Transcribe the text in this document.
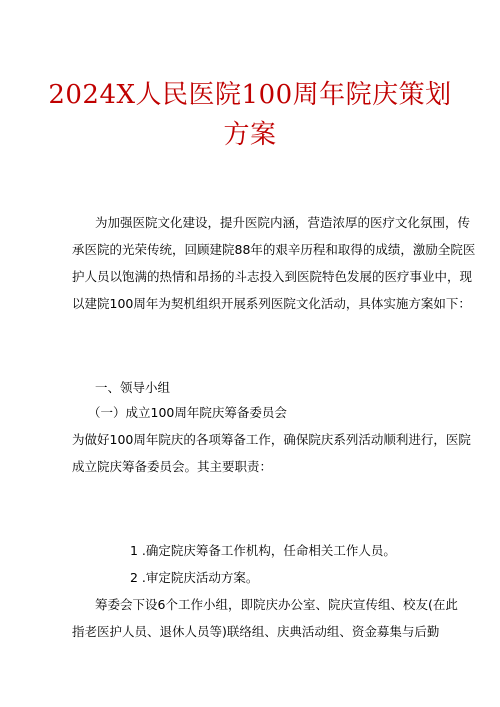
2024X人民医院100周年院庆策划
方案
为加强医院文化建设，提升医院内涵，营造浓厚的医疗文化氛围，传
承医院的光荣传统，回顾建院88年的艰辛历程和取得的成绩，激励全院医
护人员以饱满的热情和昂扬的斗志投入到医院特色发展的医疗事业中，现
以建院100周年为契机组织开展系列医院文化活动，具体实施方案如下：
一、领导小组
（一）成立100周年院庆筹备委员会
为做好100周年院庆的各项筹备工作，确保院庆系列活动顺利进行，医院
成立院庆筹备委员会。其主要职责：
1 .确定院庆筹备工作机构，任命相关工作人员。
2 .审定院庆活动方案。
筹委会下设6个工作小组，即院庆办公室、院庆宣传组、校友(在此
指老医护人员、退休人员等)联络组、庆典活动组、资金募集与后勤
